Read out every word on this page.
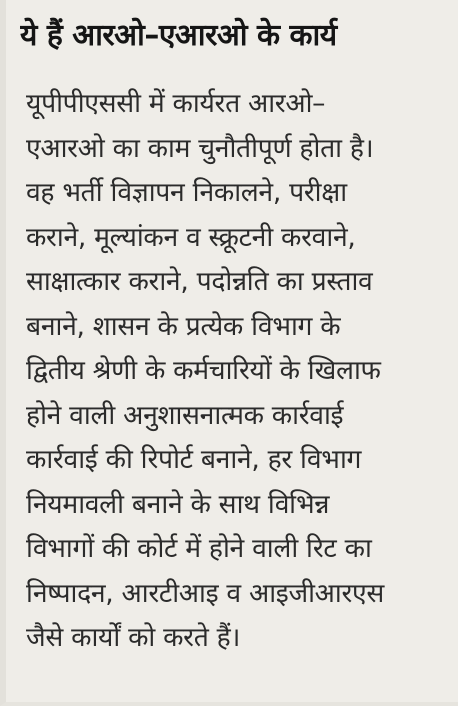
ये हैं आरओ–एआरओ के कार्य
यूपीपीएससी में कार्यरत आरओ–
एआरओ का काम चुनौतीपूर्ण होता है।
वह भर्ती विज्ञापन निकालने, परीक्षा
कराने, मूल्यांकन व स्क्रूटनी करवाने,
साक्षात्कार कराने, पदोन्नति का प्रस्ताव
बनाने, शासन के प्रत्येक विभाग के
द्वितीय श्रेणी के कर्मचारियों के खिलाफ
होने वाली अनुशासनात्मक कार्रवाई
कार्रवाई की रिपोर्ट बनाने, हर विभाग
नियमावली बनाने के साथ विभिन्न
विभागों की कोर्ट में होने वाली रिट का
निष्पादन, आरटीआइ व आइजीआरएस
जैसे कार्यों को करते हैं।
